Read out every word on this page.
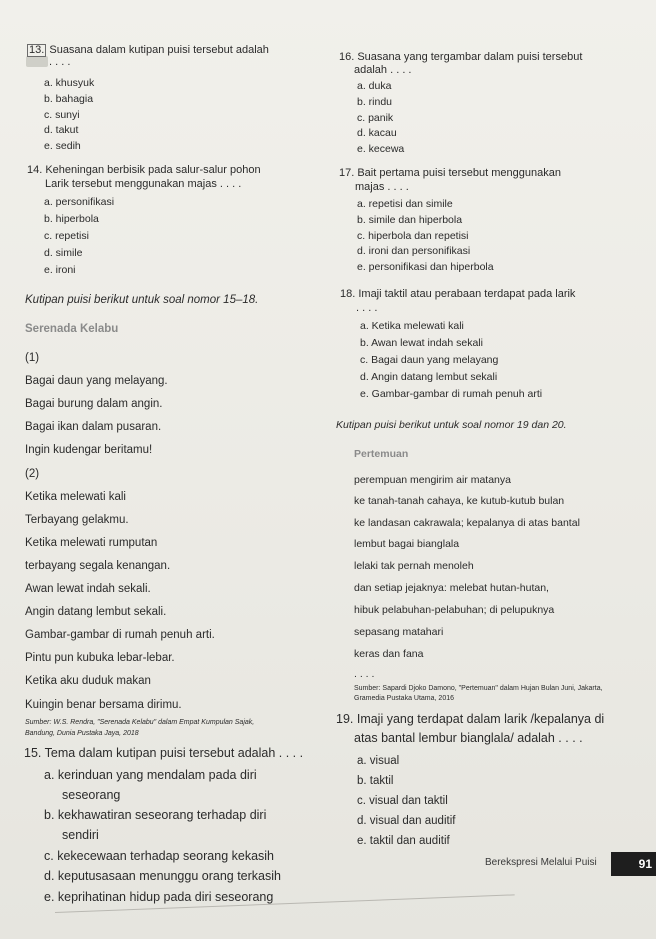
13. Suasana dalam kutipan puisi tersebut adalah
. . . .
a. khusyuk
b. bahagia
c. sunyi
d. takut
e. sedih
14. Keheningan berbisik pada salur-salur pohon
Larik tersebut menggunakan majas . . . .
a. personifikasi
b. hiperbola
c. repetisi
d. simile
e. ironi
Kutipan puisi berikut untuk soal nomor 15–18.
Serenada Kelabu
(1)
Bagai daun yang melayang.
Bagai burung dalam angin.
Bagai ikan dalam pusaran.
Ingin kudengar beritamu!
(2)
Ketika melewati kali
Terbayang gelakmu.
Ketika melewati rumputan
terbayang segala kenangan.
Awan lewat indah sekali.
Angin datang lembut sekali.
Gambar-gambar di rumah penuh arti.
Pintu pun kubuka lebar-lebar.
Ketika aku duduk makan
Kuingin benar bersama dirimu.
Sumber: W.S. Rendra, "Serenada Kelabu" dalam Empat Kumpulan Sajak,
Bandung, Dunia Pustaka Jaya, 2018
15. Tema dalam kutipan puisi tersebut adalah . . . .
a. kerinduan yang mendalam pada diri
seseorang
b. kekhawatiran seseorang terhadap diri
sendiri
c. kekecewaan terhadap seorang kekasih
d. keputusasaan menunggu orang terkasih
e. keprihatinan hidup pada diri seseorang
16. Suasana yang tergambar dalam puisi tersebut
adalah . . . .
a. duka
b. rindu
c. panik
d. kacau
e. kecewa
17. Bait pertama puisi tersebut menggunakan
majas . . . .
a. repetisi dan simile
b. simile dan hiperbola
c. hiperbola dan repetisi
d. ironi dan personifikasi
e. personifikasi dan hiperbola
18. Imaji taktil atau perabaan terdapat pada larik
. . . .
a. Ketika melewati kali
b. Awan lewat indah sekali
c. Bagai daun yang melayang
d. Angin datang lembut sekali
e. Gambar-gambar di rumah penuh arti
Kutipan puisi berikut untuk soal nomor 19 dan 20.
Pertemuan
perempuan mengirim air matanya
ke tanah-tanah cahaya, ke kutub-kutub bulan
ke landasan cakrawala; kepalanya di atas bantal
lembut bagai bianglala
lelaki tak pernah menoleh
dan setiap jejaknya: melebat hutan-hutan,
hibuk pelabuhan-pelabuhan; di pelupuknya
sepasang matahari
keras dan fana
. . . .
Sumber: Sapardi Djoko Damono, "Pertemuan" dalam Hujan Bulan Juni, Jakarta,
Gramedia Pustaka Utama, 2016
19. Imaji yang terdapat dalam larik /kepalanya di
atas bantal lembur bianglala/ adalah . . . .
a. visual
b. taktil
c. visual dan taktil
d. visual dan auditif
e. taktil dan auditif
Berekspresi Melalui Puisi	91
